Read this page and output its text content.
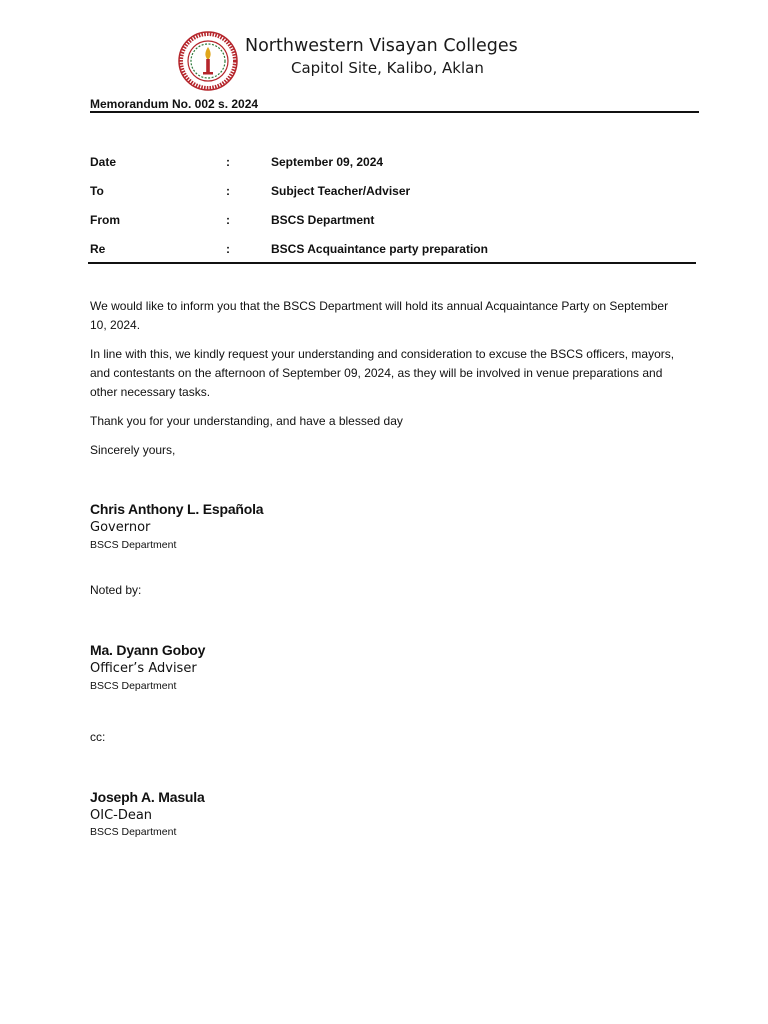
Northwestern Visayan Colleges
Capitol Site, Kalibo, Aklan
Memorandum No. 002 s. 2024
Date	:	September 09, 2024
To	:	Subject Teacher/Adviser
From	:	BSCS Department
Re	:	BSCS Acquaintance party preparation

We would like to inform you that the BSCS Department will hold its annual Acquaintance Party on September 10, 2024.

In line with this, we kindly request your understanding and consideration to excuse the BSCS officers, mayors, and contestants on the afternoon of September 09, 2024, as they will be involved in venue preparations and other necessary tasks.

Thank you for your understanding, and have a blessed day

Sincerely yours,

Chris Anthony L. Española
Governor
BSCS Department
Noted by:
Ma. Dyann Goboy
Officer’s Adviser
BSCS Department
cc:
Joseph A. Masula
OIC-Dean
BSCS Department
